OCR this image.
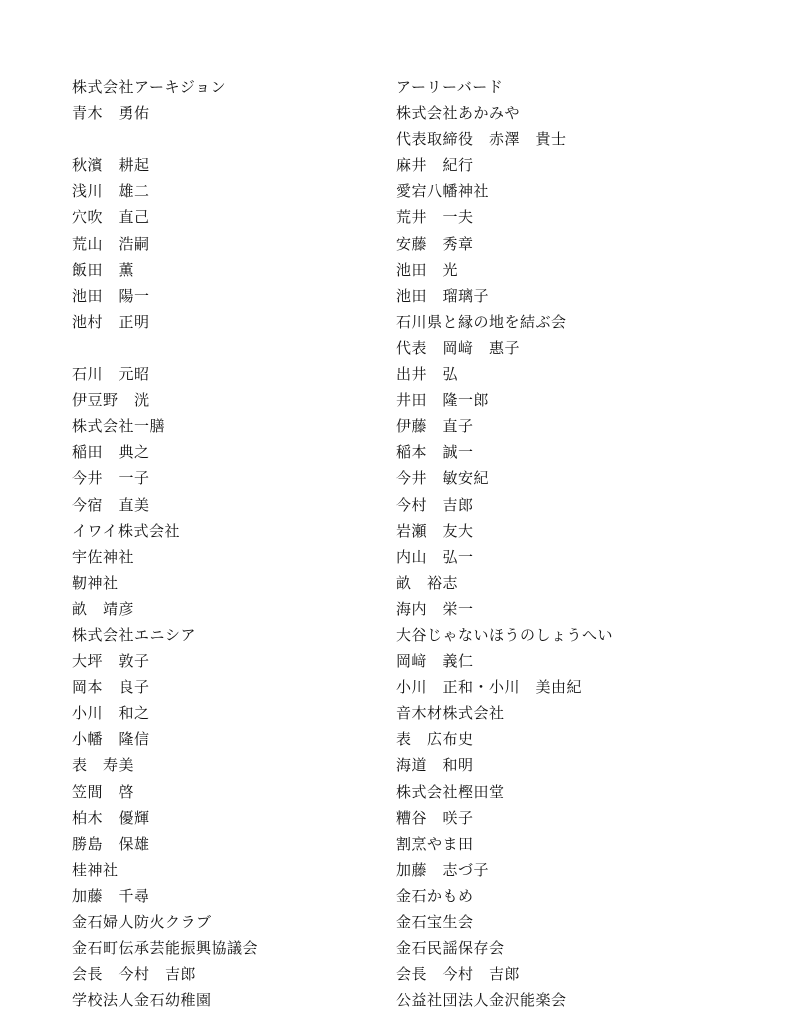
株式会社アーキジョン
青木　勇佑
秋濱　耕起
浅川　雄二
穴吹　直己
荒山　浩嗣
飯田　薫
池田　陽一
池村　正明
石川　元昭
伊豆野　洸
株式会社一膳
稲田　典之
今井　一子
今宿　直美
イワイ株式会社
宇佐神社
靭神社
畝　靖彦
株式会社エニシア
大坪　敦子
岡本　良子
小川　和之
小幡　隆信
表　寿美
笠間　啓
柏木　優輝
勝島　保雄
桂神社
加藤　千尋
金石婦人防火クラブ
金石町伝承芸能振興協議会
会長　今村　吉郎
学校法人金石幼稚園
アーリーバード
株式会社あかみや
代表取締役　赤澤　貴士
麻井　紀行
愛宕八幡神社
荒井　一夫
安藤　秀章
池田　光
池田　瑠璃子
石川県と縁の地を結ぶ会
代表　岡﨑　惠子
出井　弘
井田　隆一郎
伊藤　直子
稲本　誠一
今井　敏安紀
今村　吉郎
岩瀬　友大
内山　弘一
畝　裕志
海内　栄一
大谷じゃないほうのしょうへい
岡﨑　義仁
小川　正和・小川　美由紀
音木材株式会社
表　広布史
海道　和明
株式会社樫田堂
糟谷　咲子
割烹やま田
加藤　志づ子
金石かもめ
金石宝生会
金石民謡保存会
会長　今村　吉郎
公益社団法人金沢能楽会
